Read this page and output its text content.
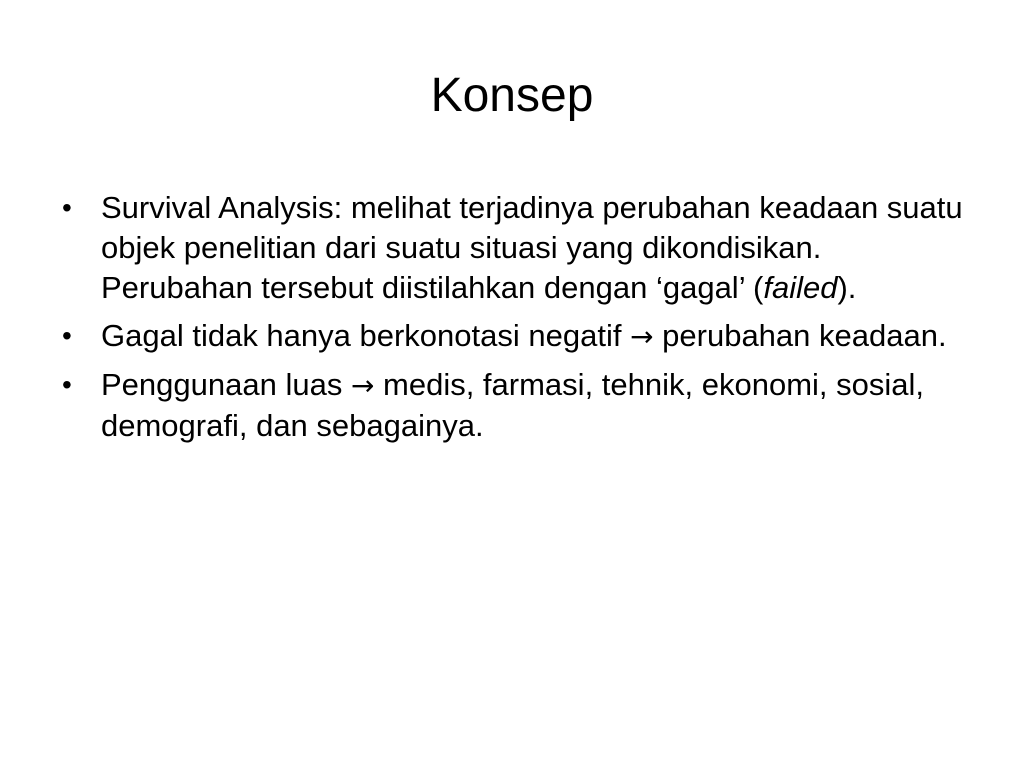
Konsep
• Survival Analysis: melihat terjadinya perubahan keadaan suatu objek penelitian dari suatu situasi yang dikondisikan. Perubahan tersebut diistilahkan dengan ‘gagal’ (failed).
• Gagal tidak hanya berkonotasi negatif → perubahan keadaan.
• Penggunaan luas → medis, farmasi, tehnik, ekonomi, sosial, demografi, dan sebagainya.
